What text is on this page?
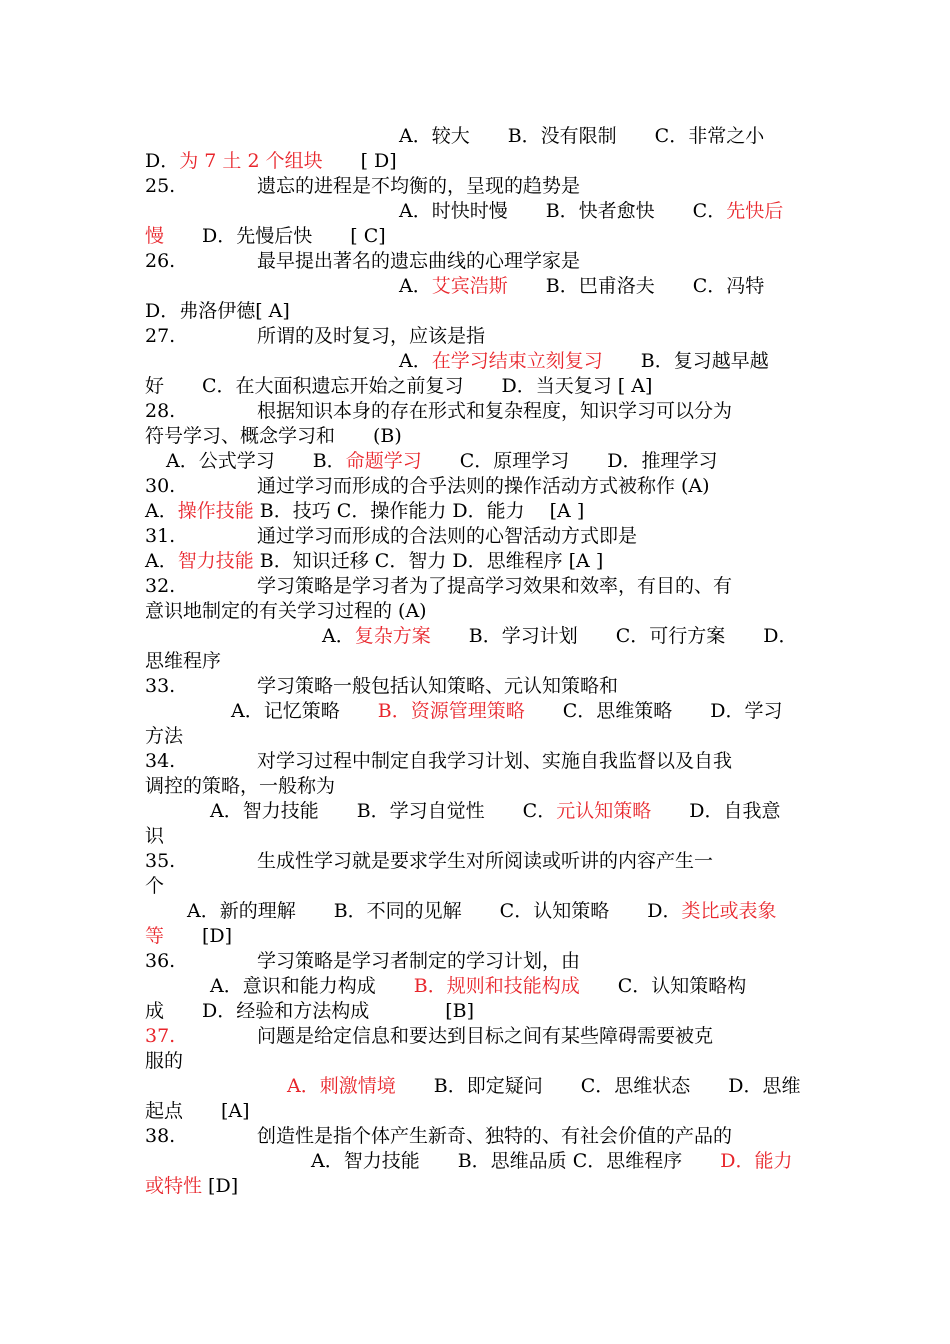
A．较大　　B．没有限制　　C．非常之小
D．为 7 土 2 个组块　　[ D]
25.	遗忘的进程是不均衡的，呈现的趋势是
A．时快时慢　　B．快者愈快　　C．先快后
慢　　D．先慢后快　　[ C]
26.	最早提出著名的遗忘曲线的心理学家是
A．艾宾浩斯　　B．巴甫洛夫　　C．冯特
D．弗洛伊德[ A]
27.	所谓的及时复习，应该是指
A．在学习结束立刻复习　　B．复习越早越
好　　C．在大面积遗忘开始之前复习　　D．当天复习 [ A]
28.	根据知识本身的存在形式和复杂程度，知识学习可以分为
符号学习、概念学习和　　(B)
A．公式学习　　B．命题学习　　C．原理学习　　D．推理学习
30.	通过学习而形成的合乎法则的操作活动方式被称作 (A)
A．操作技能 B．技巧 C．操作能力 D．能力　 [A ]
31.	通过学习而形成的合法则的心智活动方式即是
A．智力技能 B．知识迁移 C．智力 D．思维程序 [A ]
32.	学习策略是学习者为了提高学习效果和效率，有目的、有
意识地制定的有关学习过程的 (A)
A．复杂方案　　B．学习计划　　C．可行方案　　D．
思维程序
33.	学习策略一般包括认知策略、元认知策略和
A．记忆策略　　B．资源管理策略　　C．思维策略　　D．学习
方法
34.	对学习过程中制定自我学习计划、实施自我监督以及自我
调控的策略，一般称为
A．智力技能　　B．学习自觉性　　C．元认知策略　　D．自我意
识
35.	生成性学习就是要求学生对所阅读或听讲的内容产生一
个
A．新的理解　　B．不同的见解　　C．认知策略　　D．类比或表象
等　　[D]
36.	学习策略是学习者制定的学习计划，由
A．意识和能力构成　　B．规则和技能构成　　C．认知策略构
成　　D．经验和方法构成　　　　[B]
37.	问题是给定信息和要达到目标之间有某些障碍需要被克
服的
A．刺激情境　　B．即定疑问　　C．思维状态　　D．思维
起点　　[A]
38.	创造性是指个体产生新奇、独特的、有社会价值的产品的
A．智力技能　　B．思维品质 C．思维程序　　D．能力
或特性 [D]
